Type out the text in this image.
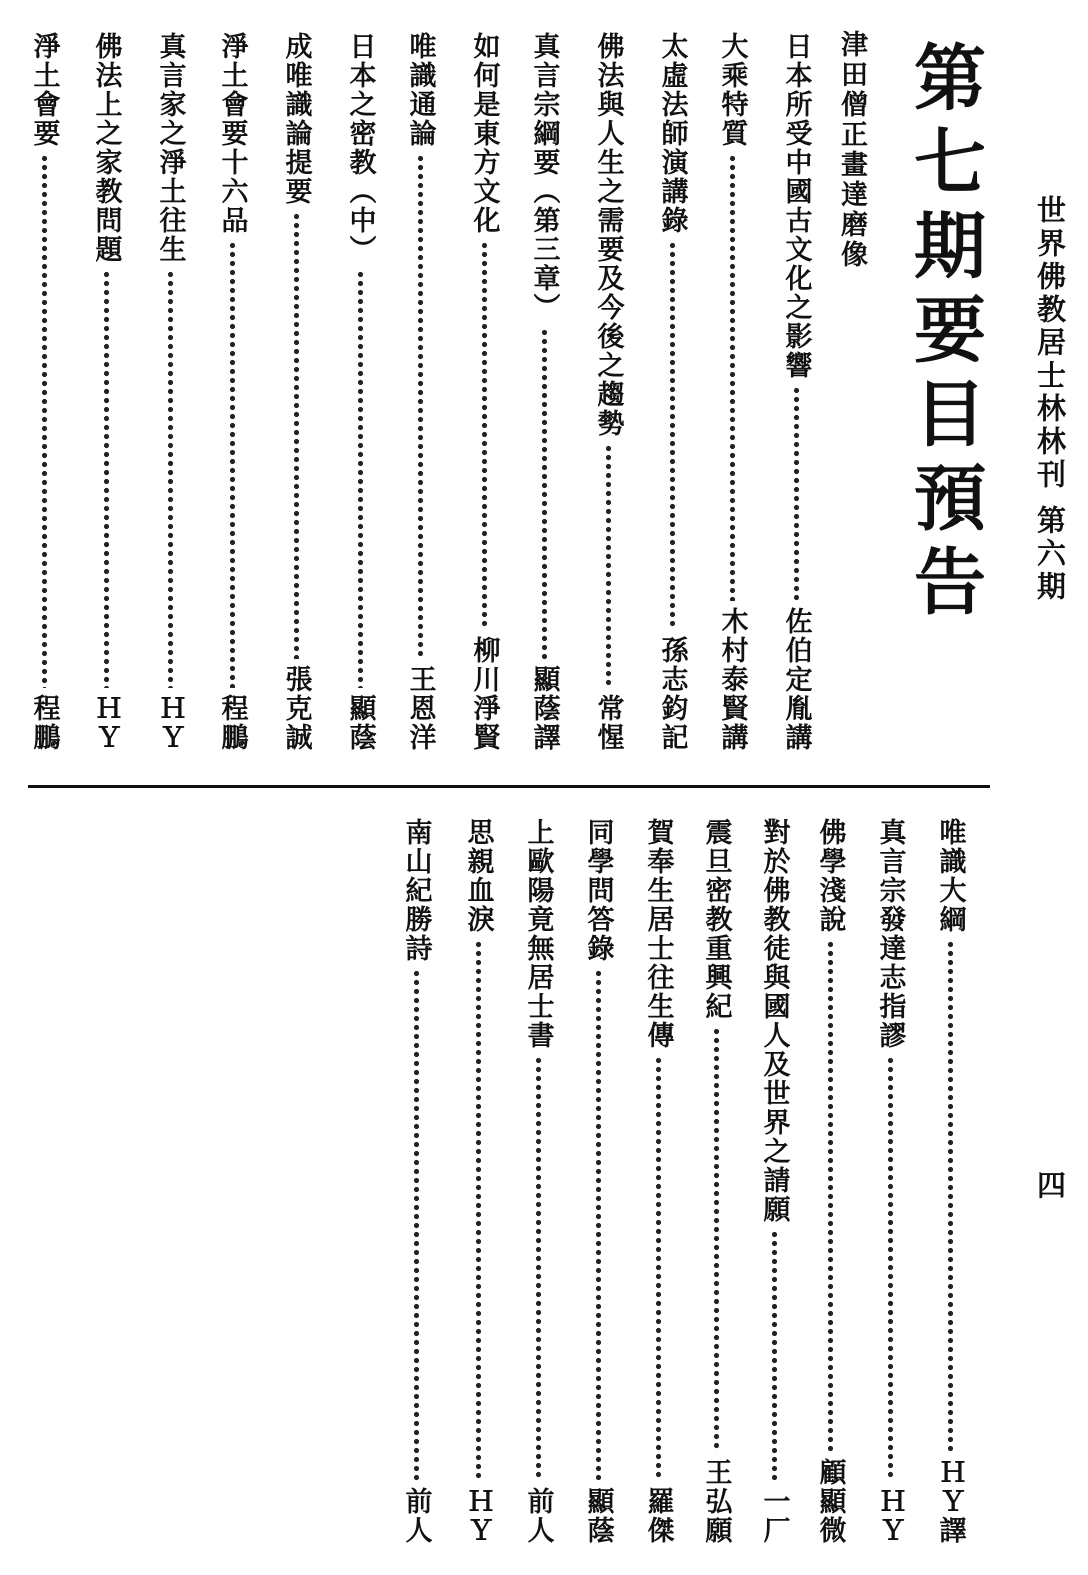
世界佛教居士林林刊
第六期
四
第七期要目預告
津田僧正畫達磨像
日本所受中國古文化之影響
佐伯定胤講
大乘特質
木村泰賢講
太虛法師演講錄
孫志鈞記
佛法與人生之需要及今後之趨勢
常惺
真言宗綱要（第三章）
顯蔭譯
如何是東方文化
柳川淨賢
唯識通論
王恩洋
日本之密教（中）
顯蔭
成唯識論提要
張克誠
淨土會要十六品
程鵬
真言家之淨土往生
ＨＹ
佛法上之家教問題
ＨＹ
淨土會要
程鵬
唯識大綱
ＨＹ譯
真言宗發達志指謬
ＨＹ
佛學淺說
顧顯微
對於佛教徒與國人及世界之請願
一厂
震旦密教重興紀
王弘願
賀奉生居士往生傳
羅傑
同學問答錄
顯蔭
上歐陽竟無居士書
前人
思親血淚
ＨＹ
南山紀勝詩
前人
